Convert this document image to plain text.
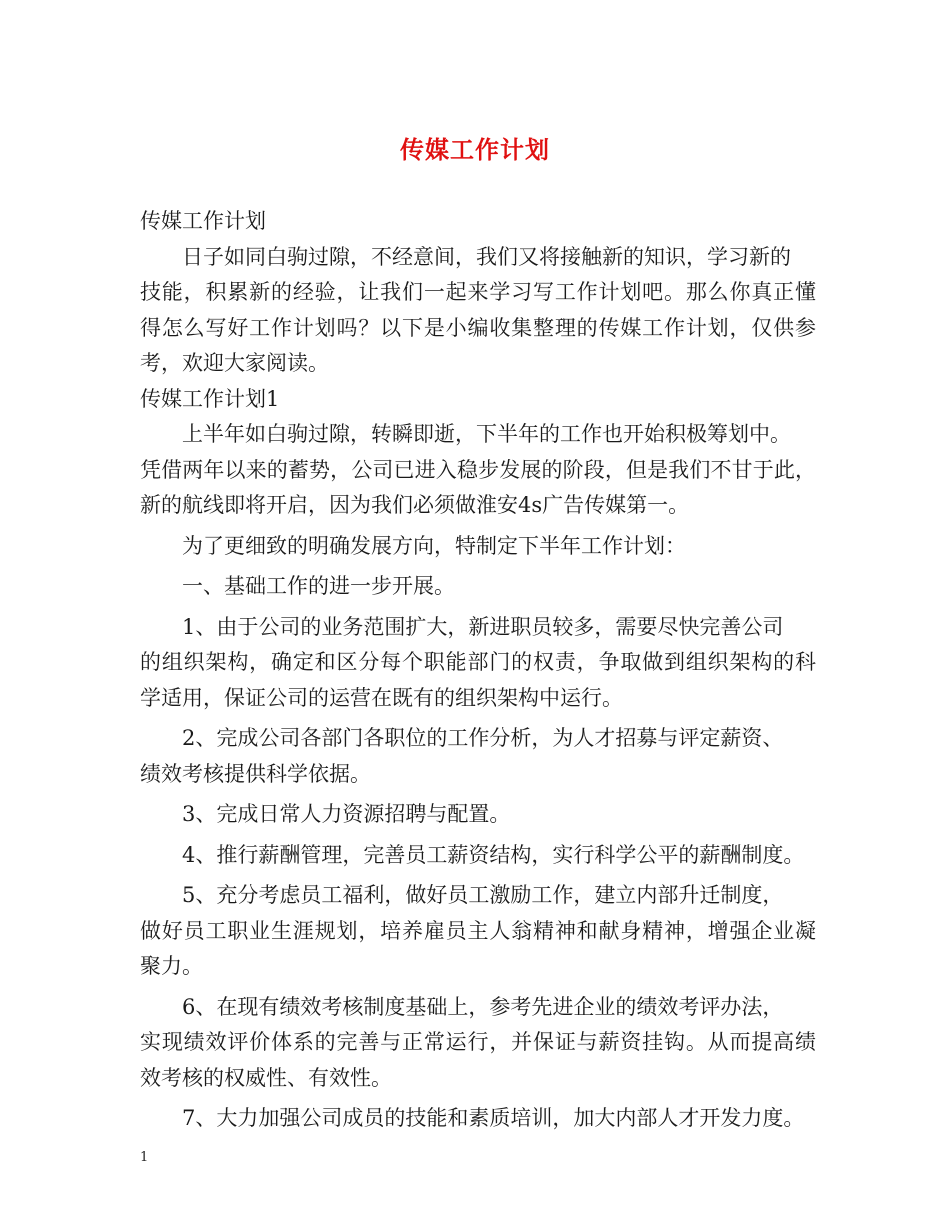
传媒工作计划

传媒工作计划

日子如同白驹过隙，不经意间，我们又将接触新的知识，学习新的

技能，积累新的经验，让我们一起来学习写工作计划吧。那么你真正懂

得怎么写好工作计划吗？以下是小编收集整理的传媒工作计划，仅供参

考，欢迎大家阅读。

传媒工作计划1

上半年如白驹过隙，转瞬即逝，下半年的工作也开始积极筹划中。

凭借两年以来的蓄势，公司已进入稳步发展的阶段，但是我们不甘于此，

新的航线即将开启，因为我们必须做淮安4s广告传媒第一。

为了更细致的明确发展方向，特制定下半年工作计划：

一、基础工作的进一步开展。

1、由于公司的业务范围扩大，新进职员较多，需要尽快完善公司

的组织架构，确定和区分每个职能部门的权责，争取做到组织架构的科

学适用，保证公司的运营在既有的组织架构中运行。

2、完成公司各部门各职位的工作分析，为人才招募与评定薪资、

绩效考核提供科学依据。

3、完成日常人力资源招聘与配置。

4、推行薪酬管理，完善员工薪资结构，实行科学公平的薪酬制度。

5、充分考虑员工福利，做好员工激励工作，建立内部升迁制度，

做好员工职业生涯规划，培养雇员主人翁精神和献身精神，增强企业凝

聚力。

6、在现有绩效考核制度基础上，参考先进企业的绩效考评办法，

实现绩效评价体系的完善与正常运行，并保证与薪资挂钩。从而提高绩

效考核的权威性、有效性。

7、大力加强公司成员的技能和素质培训，加大内部人才开发力度。

1
